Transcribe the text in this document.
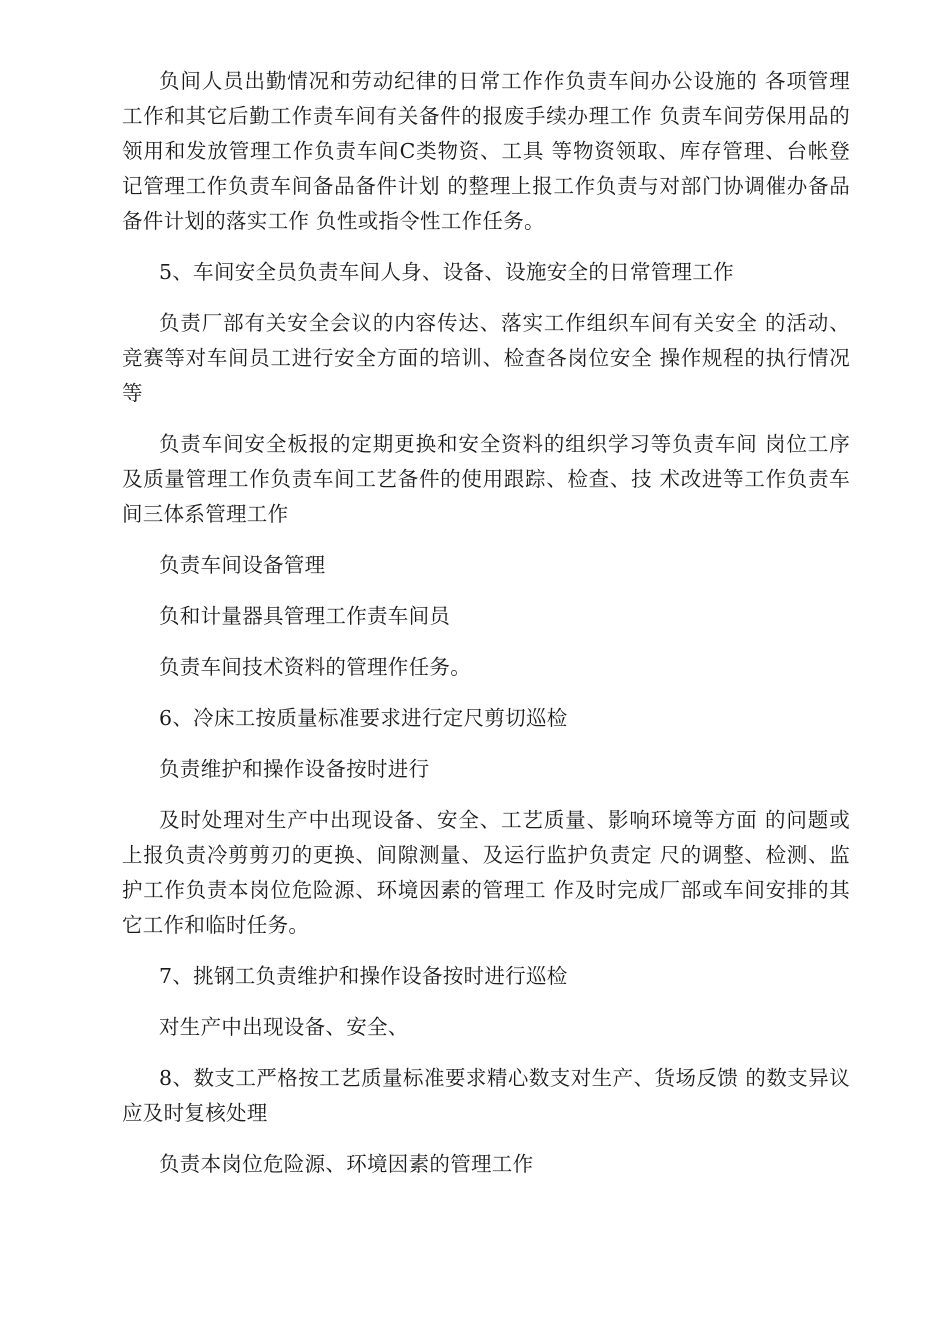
负间人员出勤情况和劳动纪律的日常工作作负责车间办公设施的 各项管理工作和其它后勤工作责车间有关备件的报废手续办理工作 负责车间劳保用品的领用和发放管理工作负责车间C类物资、工具 等物资领取、库存管理、台帐登记管理工作负责车间备品备件计划 的整理上报工作负责与对部门协调催办备品备件计划的落实工作 负性或指令性工作任务。

5、车间安全员负责车间人身、设备、设施安全的日常管理工作

负责厂部有关安全会议的内容传达、落实工作组织车间有关安全 的活动、竞赛等对车间员工进行安全方面的培训、检查各岗位安全 操作规程的执行情况等

负责车间安全板报的定期更换和安全资料的组织学习等负责车间 岗位工序及质量管理工作负责车间工艺备件的使用跟踪、检查、技 术改进等工作负责车间三体系管理工作

负责车间设备管理

负和计量器具管理工作责车间员

负责车间技术资料的管理作任务。

6、冷床工按质量标准要求进行定尺剪切巡检

负责维护和操作设备按时进行

及时处理对生产中出现设备、安全、工艺质量、影响环境等方面 的问题或上报负责冷剪剪刃的更换、间隙测量、及运行监护负责定 尺的调整、检测、监护工作负责本岗位危险源、环境因素的管理工 作及时完成厂部或车间安排的其它工作和临时任务。

7、挑钢工负责维护和操作设备按时进行巡检

对生产中出现设备、安全、

8、数支工严格按工艺质量标准要求精心数支对生产、货场反馈 的数支异议应及时复核处理

负责本岗位危险源、环境因素的管理工作
